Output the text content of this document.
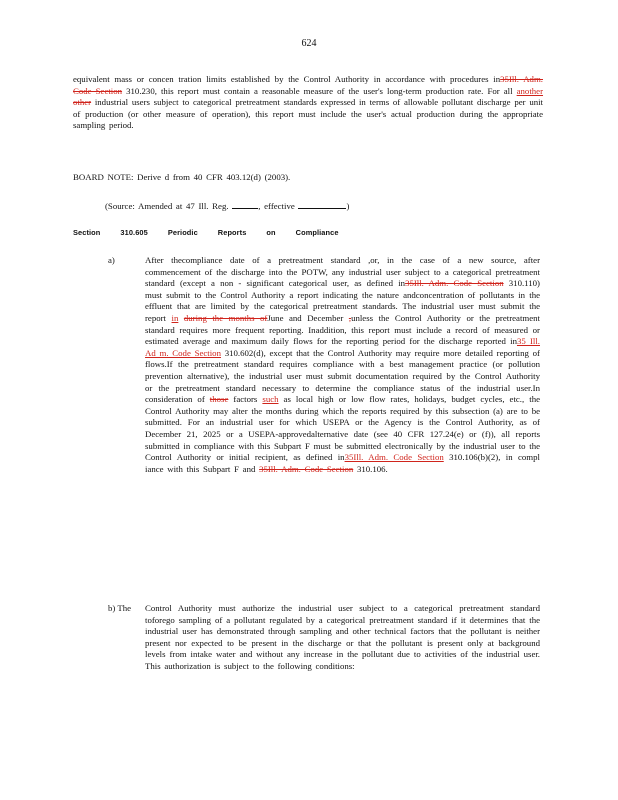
624
equivalent mass or concen tration limits established by the Control Authority in accordance with procedures in35Ill. Adm. Code Section 310.230, this report must contain a reasonable measure of the user's long-term production rate. For all another other industrial users subject to categorical pretreatment standards expressed in terms of allowable pollutant discharge per unit of production (or other measure of operation), this report must include the user's actual production during the appropriate sampling period.
BOARD NOTE: Derive d from 40 CFR 403.12(d) (2003).
(Source: Amended at 47 Ill. Reg.	, effective	)
Section	310.605	Periodic	Reports	on	Compliance
a)	After thecompliance date of a pretreatment standard ,or, in the case of a new source, after commencement of the discharge into the POTW, any industrial user subject to a categorical pretreatment standard (except a non - significant categorical user, as defined in35Ill. Adm. Code Section 310.110) must submit to the Control Authority a report indicating the nature andconcentration of pollutants in the effluent that are limited by the categorical pretreatment standards. The industrial user must submit the report in during the months ofJune and December ,unless the Control Authority or the pretreatment standard requires more frequent reporting. Inaddition, this report must include a record of measured or estimated average and maximum daily flows for the reporting period for the discharge reported in35 Ill. Ad m. Code Section 310.602(d), except that the Control Authority may require more detailed reporting of flows.If the pretreatment standard requires compliance with a best management practice (or pollution prevention alternative), the industrial user must submit documentation required by the Control Authority or the pretreatment standard necessary to determine the compliance status of the industrial user.In consideration of those factors such as local high or low flow rates, holidays, budget cycles, etc., the Control Authority may alter the months during which the reports required by this subsection (a) are to be submitted. For an industrial user for which USEPA or the Agency is the Control Authority, as of December 21, 2025 or a USEPA-approvedalternative date (see 40 CFR 127.24(e) or (f)), all reports submitted in compliance with this Subpart F must be submitted electronically by the industrial user to the Control Authority or initial recipient, as defined in35Ill. Adm. Code Section 310.106(b)(2), in compl iance with this Subpart F and 35Ill. Adm. Code Section 310.106.
b) The Control Authority must authorize the industrial user subject to a categorical pretreatment standard toforego sampling of a pollutant regulated by a categorical pretreatment standard if it determines that the industrial user has demonstrated through sampling and other technical factors that the pollutant is neither present nor expected to be present in the discharge or that the pollutant is present only at background levels from intake water and without any increase in the pollutant due to activities of the industrial user. This authorization is subject to the following conditions:
